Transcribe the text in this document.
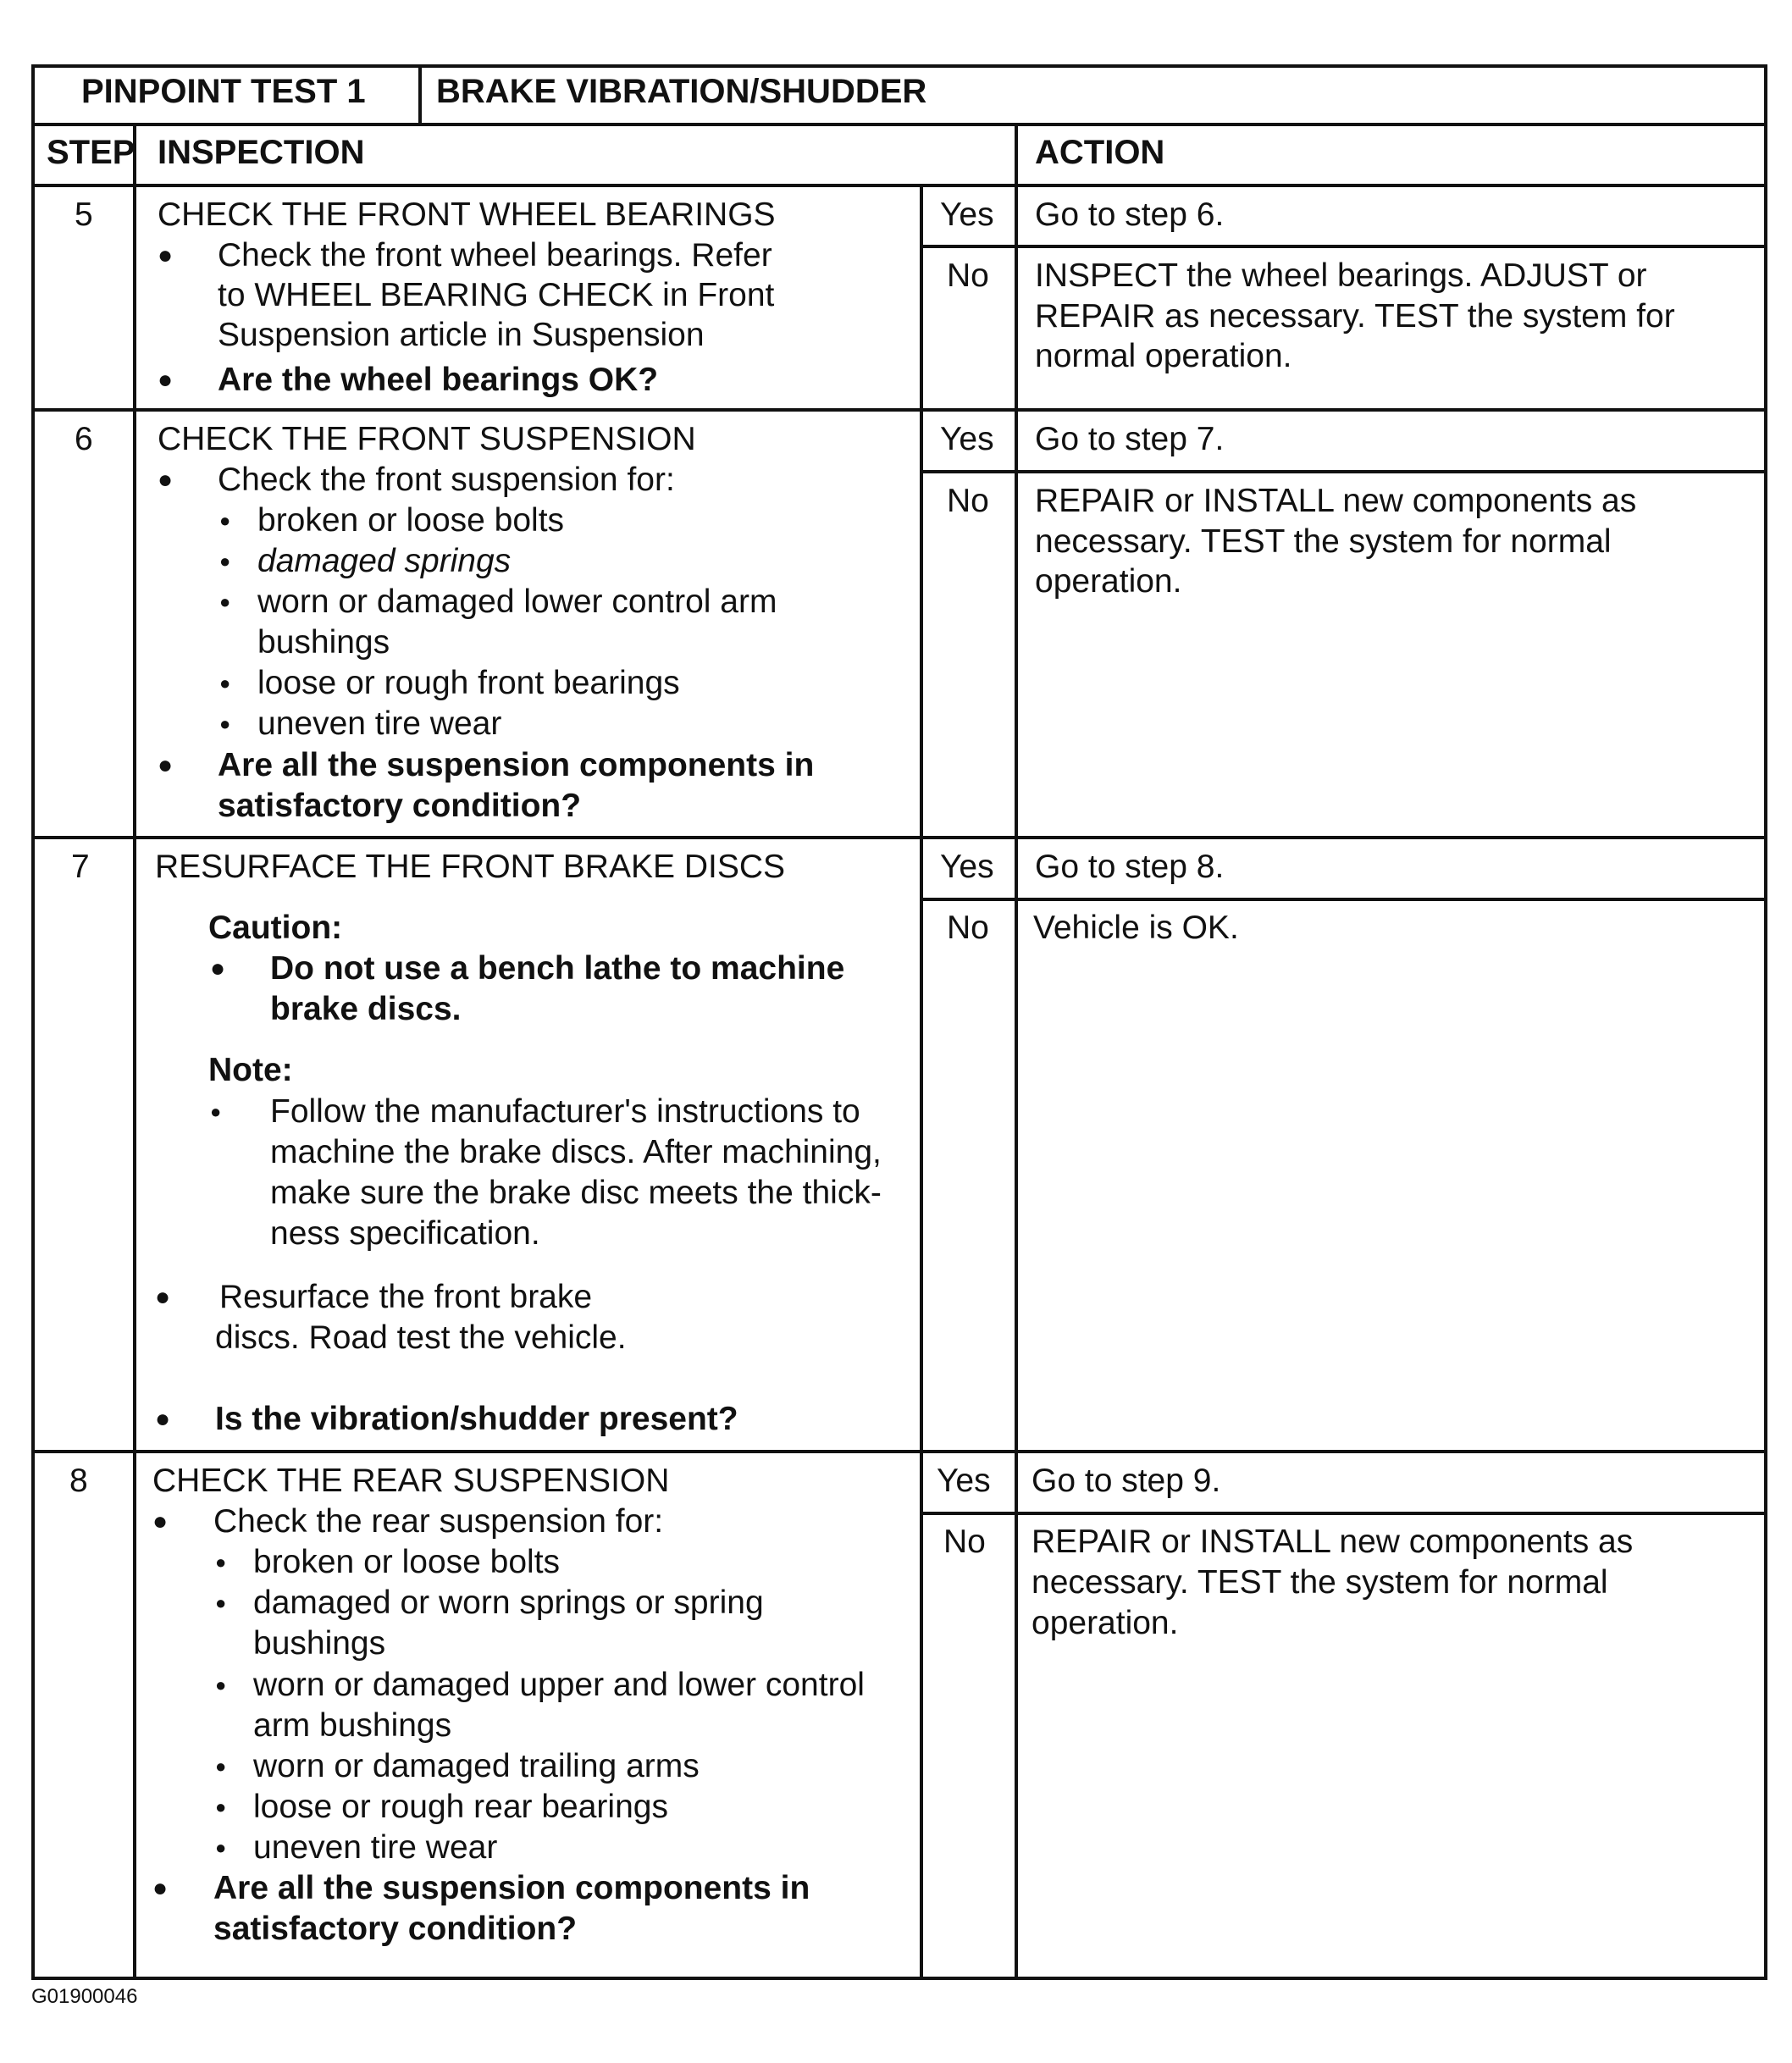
PINPOINT TEST 1 BRAKE VIBRATION/SHUDDER
STEP INSPECTION	ACTION
5 CHECK THE FRONT WHEEL BEARINGS
● Check the front wheel bearings. Refer
to WHEEL BEARING CHECK in Front
Suspension article in Suspension
● Are the wheel bearings OK?
Yes Go to step 6.
No INSPECT the wheel bearings. ADJUST or
REPAIR as necessary. TEST the system for
normal operation.
6 CHECK THE FRONT SUSPENSION
● Check the front suspension for:
● broken or loose bolts
● damaged springs
● worn or damaged lower control arm
bushings
● loose or rough front bearings
● uneven tire wear
● Are all the suspension components in
satisfactory condition?
Yes Go to step 7.
No REPAIR or INSTALL new components as
necessary. TEST the system for normal
operation.
7 RESURFACE THE FRONT BRAKE DISCS
Caution:
● Do not use a bench lathe to machine
brake discs.
Note:
● Follow the manufacturer's instructions to
machine the brake discs. After machining,
make sure the brake disc meets the thick-
ness specification.
● Resurface the front brake
discs. Road test the vehicle.
● Is the vibration/shudder present?
Yes Go to step 8.
No Vehicle is OK.
8 CHECK THE REAR SUSPENSION
● Check the rear suspension for:
● broken or loose bolts
● damaged or worn springs or spring
bushings
● worn or damaged upper and lower control
arm bushings
● worn or damaged trailing arms
● loose or rough rear bearings
● uneven tire wear
● Are all the suspension components in
satisfactory condition?
Yes Go to step 9.
No REPAIR or INSTALL new components as
necessary. TEST the system for normal
operation.
G01900046
